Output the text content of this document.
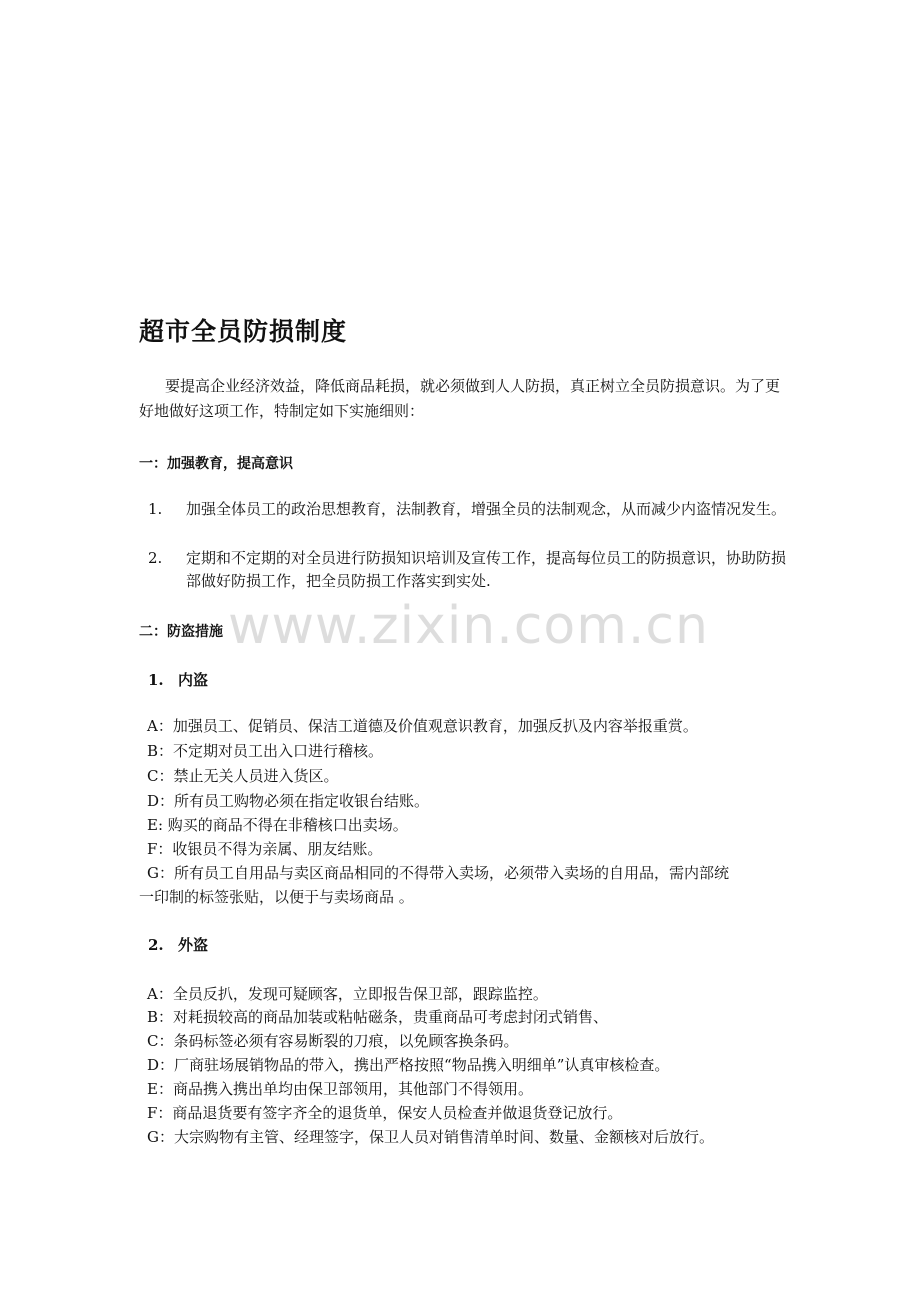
超市全员防损制度
要提高企业经济效益，降低商品耗损，就必须做到人人防损，真正树立全员防损意识。为了更好地做好这项工作，特制定如下实施细则：
一：加强教育，提高意识
1.	加强全体员工的政治思想教育，法制教育，增强全员的法制观念，从而减少内盗情况发生。
2.	定期和不定期的对全员进行防损知识培训及宣传工作，提高每位员工的防损意识，协助防损部做好防损工作，把全员防损工作落实到实处.
二：防盗措施
1. 内盗
A：加强员工、促销员、保洁工道德及价值观意识教育，加强反扒及内容举报重赏。
B：不定期对员工出入口进行稽核。
C：禁止无关人员进入货区。
D：所有员工购物必须在指定收银台结账。
E: 购买的商品不得在非稽核口出卖场。
F：收银员不得为亲属、朋友结账。
G：所有员工自用品与卖区商品相同的不得带入卖场，必须带入卖场的自用品，需内部统
一印制的标签张贴，以便于与卖场商品 。
2. 外盗
A：全员反扒，发现可疑顾客，立即报告保卫部，跟踪监控。
B：对耗损较高的商品加装或粘帖磁条，贵重商品可考虑封闭式销售、
C：条码标签必须有容易断裂的刀痕，以免顾客换条码。
D：厂商驻场展销物品的带入，携出严格按照“物品携入明细单”认真审核检查。
E：商品携入携出单均由保卫部领用，其他部门不得领用。
F：商品退货要有签字齐全的退货单，保安人员检查并做退货登记放行。
G：大宗购物有主管、经理签字，保卫人员对销售清单时间、数量、金额核对后放行。
www.zixin.com.cn
